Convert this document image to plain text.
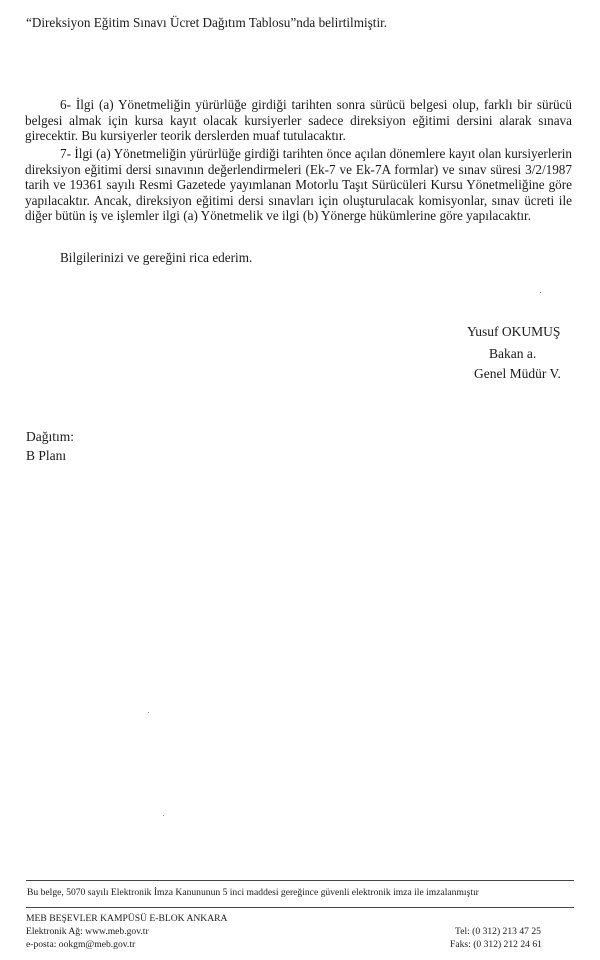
“Direksiyon Eğitim Sınavı Ücret Dağıtım Tablosu”nda belirtilmiştir.

6- İlgi (a) Yönetmeliğin yürürlüğe girdiği tarihten sonra sürücü belgesi olup, farklı bir sürücü belgesi almak için kursa kayıt olacak kursiyerler sadece direksiyon eğitimi dersini alarak sınava girecektir. Bu kursiyerler teorik derslerden muaf tutulacaktır.

7- İlgi (a) Yönetmeliğin yürürlüğe girdiği tarihten önce açılan dönemlere kayıt olan kursiyerlerin direksiyon eğitimi dersi sınavının değerlendirmeleri (Ek-7 ve Ek-7A formlar) ve sınav süresi 3/2/1987 tarih ve 19361 sayılı Resmi Gazetede yayımlanan Motorlu Taşıt Sürücüleri Kursu Yönetmeliğine göre yapılacaktır. Ancak, direksiyon eğitimi dersi sınavları için oluşturulacak komisyonlar, sınav ücreti ile diğer bütün iş ve işlemler ilgi (a) Yönetmelik ve ilgi (b) Yönerge hükümlerine göre yapılacaktır.

Bilgilerinizi ve gereğini rica ederim.

Yusuf OKUMUŞ
Bakan a.
Genel Müdür V.
Dağıtım:
B Planı
Bu belge, 5070 sayılı Elektronik İmza Kanununun 5 inci maddesi gereğince güvenli elektronik imza ile imzalanmıştır
MEB BEŞEVLER KAMPÜSÜ E-BLOK ANKARA
Elektronik Ağ: www.meb.gov.tr
e-posta: ookgm@meb.gov.tr
Tel: (0 312) 213 47 25
Faks: (0 312) 212 24 61
